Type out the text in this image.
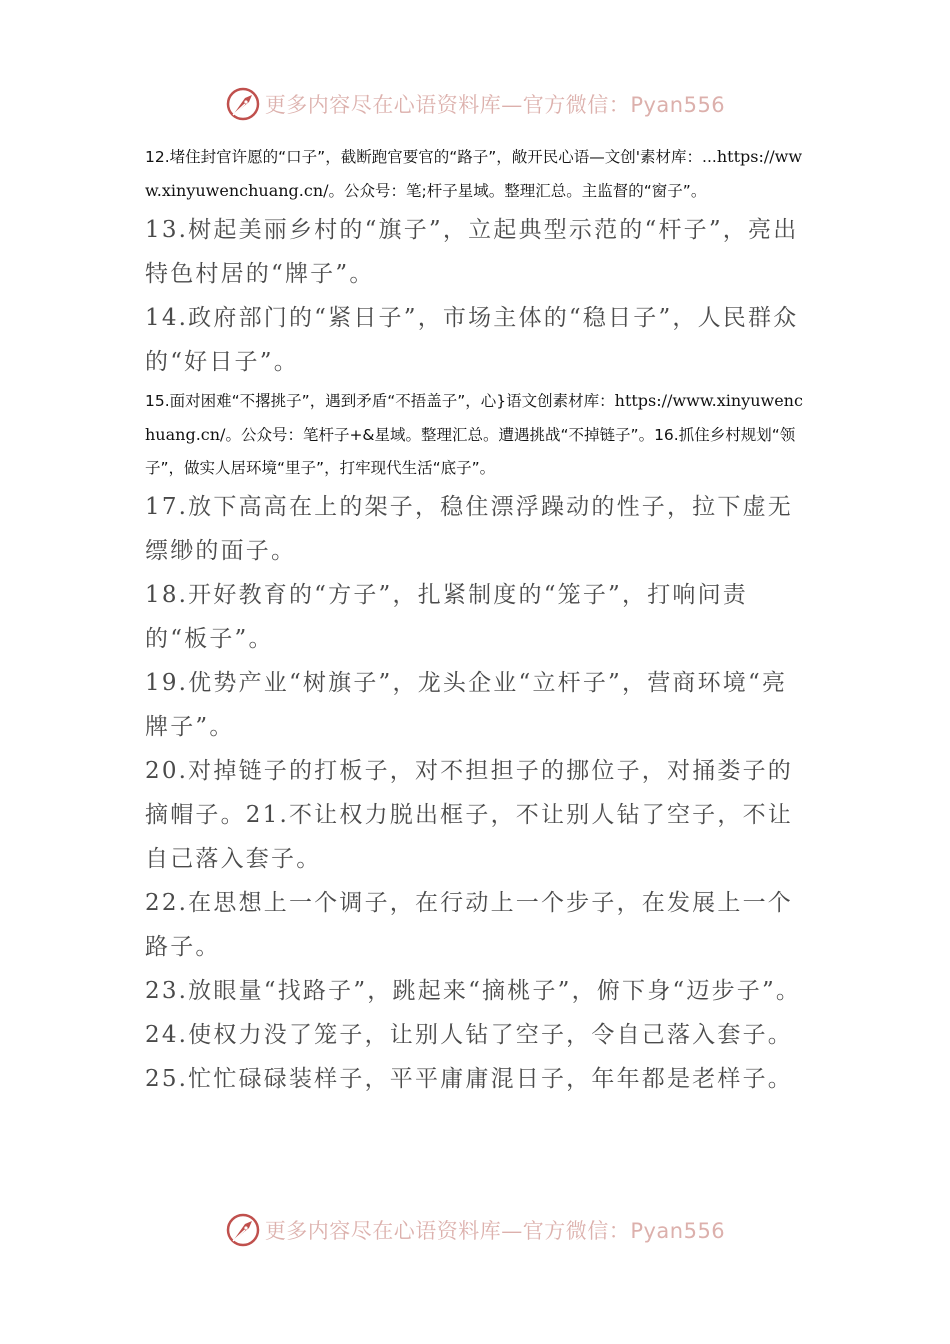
更多内容尽在心语资料库—官方微信：Pyan556

12.堵住封官许愿的“口子”，截断跑官要官的“路子”，敞开民心语—文创'素材库：...https://www.xinyuwenchuang.cn/。公众号：笔;杆子星域。整理汇总。主监督的“窗子”。

13.树起美丽乡村的“旗子”，立起典型示范的“杆子”，亮出特色村居的“牌子”。

14.政府部门的“紧日子”，市场主体的“稳日子”，人民群众的“好日子”。

15.面对困难“不撂挑子”，遇到矛盾“不捂盖子”，心}语文创素材库：https://www.xinyuwenchuang.cn/。公众号：笔杆子+&星域。整理汇总。遭遇挑战“不掉链子”。16.抓住乡村规划“领子”，做实人居环境“里子”，打牢现代生活“底子”。

17.放下高高在上的架子，稳住漂浮躁动的性子，拉下虚无缥缈的面子。

18.开好教育的“方子”，扎紧制度的“笼子”，打响问责的“板子”。

19.优势产业“树旗子”，龙头企业“立杆子”，营商环境“亮牌子”。

20.对掉链子的打板子，对不担担子的挪位子，对捅娄子的摘帽子。21.不让权力脱出框子，不让别人钻了空子，不让自己落入套子。

22.在思想上一个调子，在行动上一个步子，在发展上一个路子。

23.放眼量“找路子”，跳起来“摘桃子”，俯下身“迈步子”。

24.使权力没了笼子，让别人钻了空子，令自己落入套子。

25.忙忙碌碌装样子，平平庸庸混日子，年年都是老样子。

更多内容尽在心语资料库—官方微信：Pyan556
